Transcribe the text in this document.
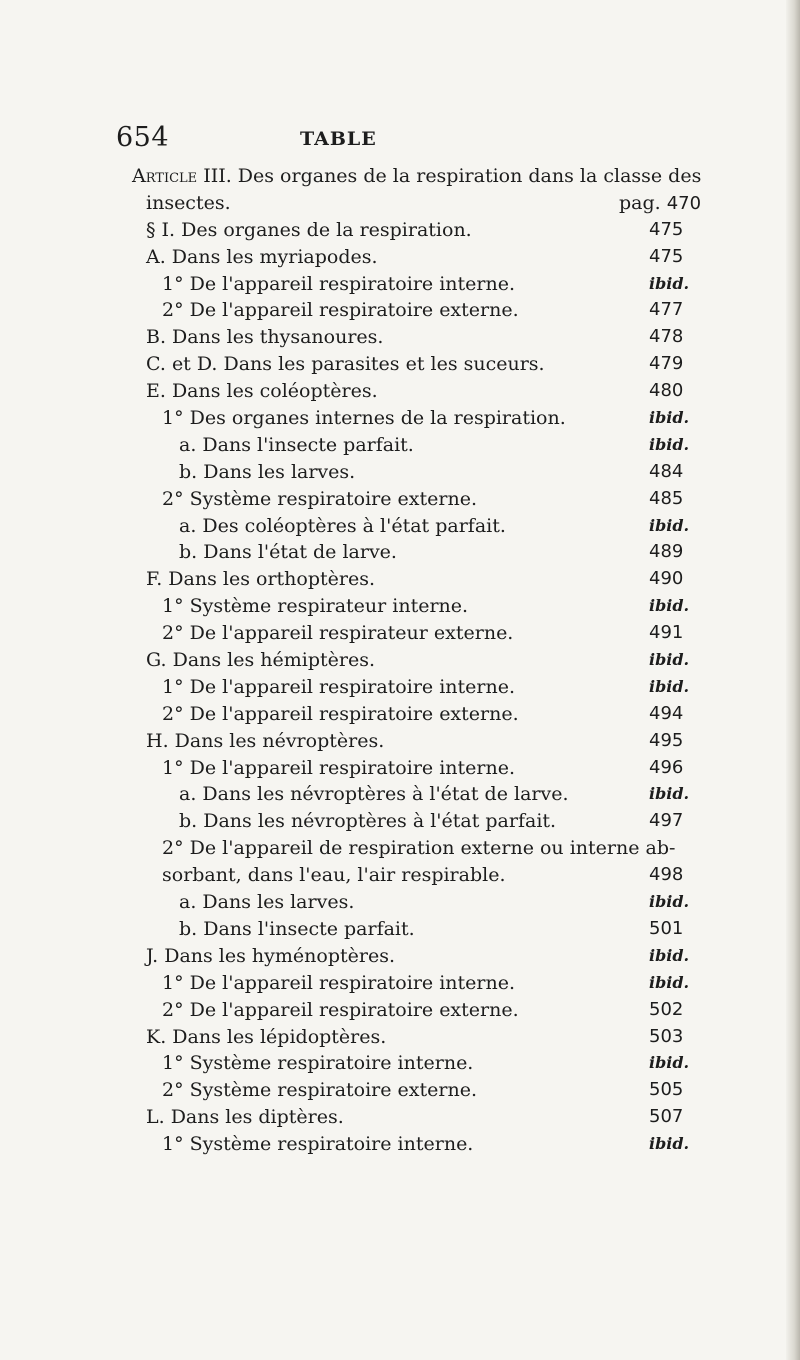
654	TABLE
Article III. Des organes de la respiration dans la classe des
insectes.	pag. 470
§ I. Des organes de la respiration.	475
A. Dans les myriapodes.	475
1° De l'appareil respiratoire interne.	ibid.
2° De l'appareil respiratoire externe.	477
B. Dans les thysanoures.	478
C. et D. Dans les parasites et les suceurs.	479
E. Dans les coléoptères.	480
1° Des organes internes de la respiration.	ibid.
a. Dans l'insecte parfait.	ibid.
b. Dans les larves.	484
2° Système respiratoire externe.	485
a. Des coléoptères à l'état parfait.	ibid.
b. Dans l'état de larve.	489
F. Dans les orthoptères.	490
1° Système respirateur interne.	ibid.
2° De l'appareil respirateur externe.	491
G. Dans les hémiptères.	ibid.
1° De l'appareil respiratoire interne.	ibid.
2° De l'appareil respiratoire externe.	494
H. Dans les névroptères.	495
1° De l'appareil respiratoire interne.	496
a. Dans les névroptères à l'état de larve.	ibid.
b. Dans les névroptères à l'état parfait.	497
2° De l'appareil de respiration externe ou interne ab-
sorbant, dans l'eau, l'air respirable.	498
a. Dans les larves.	ibid.
b. Dans l'insecte parfait.	501
J. Dans les hyménoptères.	ibid.
1° De l'appareil respiratoire interne.	ibid.
2° De l'appareil respiratoire externe.	502
K. Dans les lépidoptères.	503
1° Système respiratoire interne.	ibid.
2° Système respiratoire externe.	505
L. Dans les diptères.	507
1° Système respiratoire interne.	ibid.
